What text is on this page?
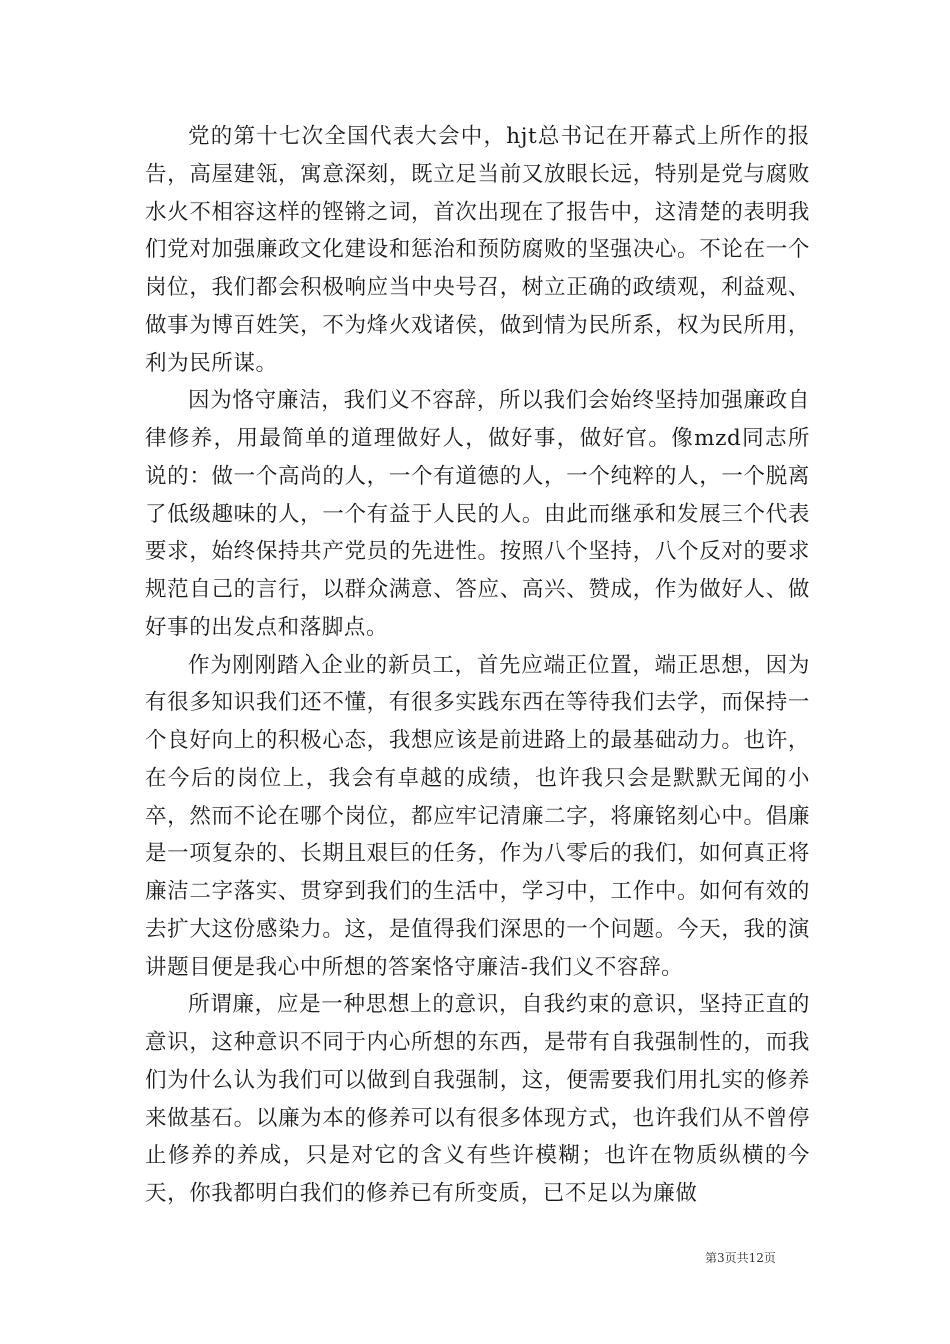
党的第十七次全国代表大会中，hjt总书记在开幕式上所作的报告，高屋建瓴，寓意深刻，既立足当前又放眼长远，特别是党与腐败水火不相容这样的铿锵之词，首次出现在了报告中，这清楚的表明我们党对加强廉政文化建设和惩治和预防腐败的坚强决心。不论在一个岗位，我们都会积极响应当中央号召，树立正确的政绩观，利益观、做事为博百姓笑，不为烽火戏诸侯，做到情为民所系，权为民所用，利为民所谋。

因为恪守廉洁，我们义不容辞，所以我们会始终坚持加强廉政自律修养，用最简单的道理做好人，做好事，做好官。像mzd同志所说的：做一个高尚的人，一个有道德的人，一个纯粹的人，一个脱离了低级趣味的人，一个有益于人民的人。由此而继承和发展三个代表要求，始终保持共产党员的先进性。按照八个坚持，八个反对的要求规范自己的言行，以群众满意、答应、高兴、赞成，作为做好人、做好事的出发点和落脚点。

作为刚刚踏入企业的新员工，首先应端正位置，端正思想，因为有很多知识我们还不懂，有很多实践东西在等待我们去学，而保持一个良好向上的积极心态，我想应该是前进路上的最基础动力。也许，在今后的岗位上，我会有卓越的成绩，也许我只会是默默无闻的小卒，然而不论在哪个岗位，都应牢记清廉二字，将廉铭刻心中。倡廉是一项复杂的、长期且艰巨的任务，作为八零后的我们，如何真正将廉洁二字落实、贯穿到我们的生活中，学习中，工作中。如何有效的去扩大这份感染力。这，是值得我们深思的一个问题。今天，我的演讲题目便是我心中所想的答案恪守廉洁-我们义不容辞。

所谓廉，应是一种思想上的意识，自我约束的意识，坚持正直的意识，这种意识不同于内心所想的东西，是带有自我强制性的，而我们为什么认为我们可以做到自我强制，这，便需要我们用扎实的修养来做基石。以廉为本的修养可以有很多体现方式，也许我们从不曾停止修养的养成，只是对它的含义有些许模糊；也许在物质纵横的今天，你我都明白我们的修养已有所变质，已不足以为廉做

第3页共12页
